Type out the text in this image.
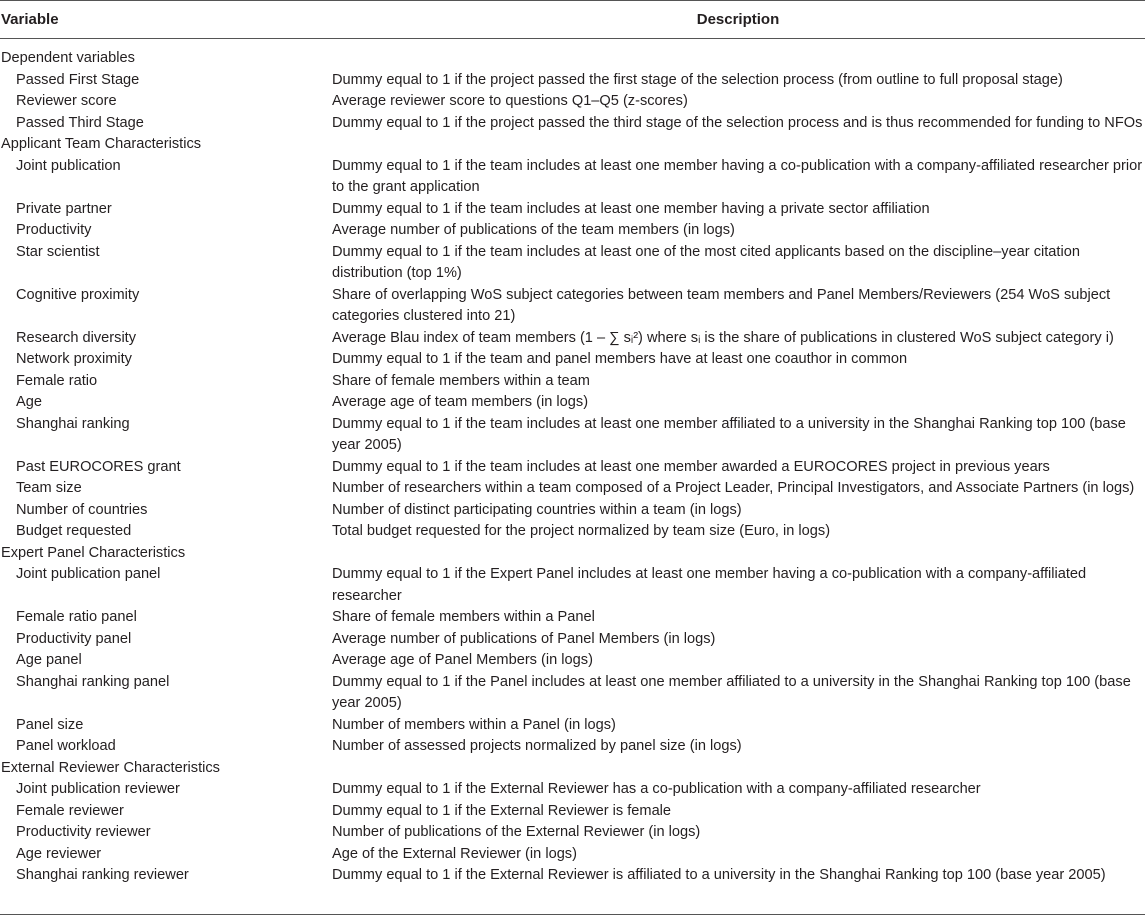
Variable	Description
Dependent variables
Passed First Stage	Dummy equal to 1 if the project passed the first stage of the selection process (from outline to full proposal stage)
Reviewer score	Average reviewer score to questions Q1–Q5 (z-scores)
Passed Third Stage	Dummy equal to 1 if the project passed the third stage of the selection process and is thus recommended for funding to NFOs
Applicant Team Characteristics
Joint publication	Dummy equal to 1 if the team includes at least one member having a co-publication with a company-affiliated researcher prior to the grant application
Private partner	Dummy equal to 1 if the team includes at least one member having a private sector affiliation
Productivity	Average number of publications of the team members (in logs)
Star scientist	Dummy equal to 1 if the team includes at least one of the most cited applicants based on the discipline–year citation distribution (top 1%)
Cognitive proximity	Share of overlapping WoS subject categories between team members and Panel Members/Reviewers (254 WoS subject categories clustered into 21)
Research diversity	Average Blau index of team members (1 – ∑ sᵢ²) where sᵢ is the share of publications in clustered WoS subject category i)
Network proximity	Dummy equal to 1 if the team and panel members have at least one coauthor in common
Female ratio	Share of female members within a team
Age	Average age of team members (in logs)
Shanghai ranking	Dummy equal to 1 if the team includes at least one member affiliated to a university in the Shanghai Ranking top 100 (base year 2005)
Past EUROCORES grant	Dummy equal to 1 if the team includes at least one member awarded a EUROCORES project in previous years
Team size	Number of researchers within a team composed of a Project Leader, Principal Investigators, and Associate Partners (in logs)
Number of countries	Number of distinct participating countries within a team (in logs)
Budget requested	Total budget requested for the project normalized by team size (Euro, in logs)
Expert Panel Characteristics
Joint publication panel	Dummy equal to 1 if the Expert Panel includes at least one member having a co-publication with a company-affiliated researcher
Female ratio panel	Share of female members within a Panel
Productivity panel	Average number of publications of Panel Members (in logs)
Age panel	Average age of Panel Members (in logs)
Shanghai ranking panel	Dummy equal to 1 if the Panel includes at least one member affiliated to a university in the Shanghai Ranking top 100 (base year 2005)
Panel size	Number of members within a Panel (in logs)
Panel workload	Number of assessed projects normalized by panel size (in logs)
External Reviewer Characteristics
Joint publication reviewer	Dummy equal to 1 if the External Reviewer has a co-publication with a company-affiliated researcher
Female reviewer	Dummy equal to 1 if the External Reviewer is female
Productivity reviewer	Number of publications of the External Reviewer (in logs)
Age reviewer	Age of the External Reviewer (in logs)
Shanghai ranking reviewer	Dummy equal to 1 if the External Reviewer is affiliated to a university in the Shanghai Ranking top 100 (base year 2005)
